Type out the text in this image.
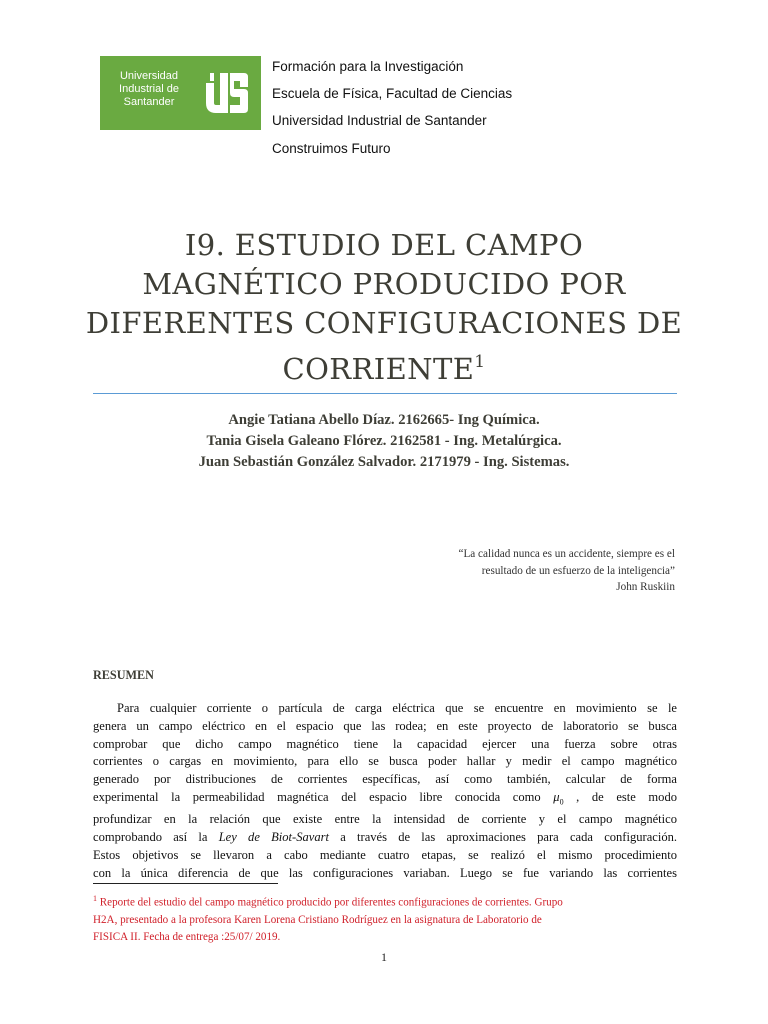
Universidad
Industrial de
Santander
Formación para la Investigación
Escuela de Física, Facultad de Ciencias
Universidad Industrial de Santander
Construimos Futuro
I9. ESTUDIO DEL CAMPO
MAGNÉTICO PRODUCIDO POR
DIFERENTES CONFIGURACIONES DE
CORRIENTE$^1$
Angie Tatiana Abello Díaz. 2162665- Ing Química.
Tania Gisela Galeano Flórez. 2162581 - Ing. Metalúrgica.
Juan Sebastián González Salvador. 2171979 - Ing. Sistemas.
“La calidad nunca es un accidente, siempre es el
resultado de un esfuerzo de la inteligencia”
John Ruskiin
RESUMEN
Para cualquier corriente o partícula de carga eléctrica que se encuentre en movimiento se le
genera un campo eléctrico en el espacio que las rodea; en este proyecto de laboratorio se busca
comprobar que dicho campo magnético tiene la capacidad ejercer una fuerza sobre otras
corrientes o cargas en movimiento, para ello se busca poder hallar y medir el campo magnético
generado por distribuciones de corrientes específicas, así como también, calcular de forma
experimental la permeabilidad magnética del espacio libre conocida como $\mu_0$ , de este modo
profundizar en la relación que existe entre la intensidad de corriente y el campo magnético
comprobando así la Ley de Biot-Savart a través de las aproximaciones para cada configuración.
Estos objetivos se llevaron a cabo mediante cuatro etapas, se realizó el mismo procedimiento
con la única diferencia de que las configuraciones variaban. Luego se fue variando las corrientes
$^1$ Reporte del estudio del campo magnético producido por diferentes configuraciones de corrientes. Grupo
H2A, presentado a la profesora Karen Lorena Cristiano Rodríguez en la asignatura de Laboratorio de
FISICA II. Fecha de entrega :25/07/ 2019.
1
